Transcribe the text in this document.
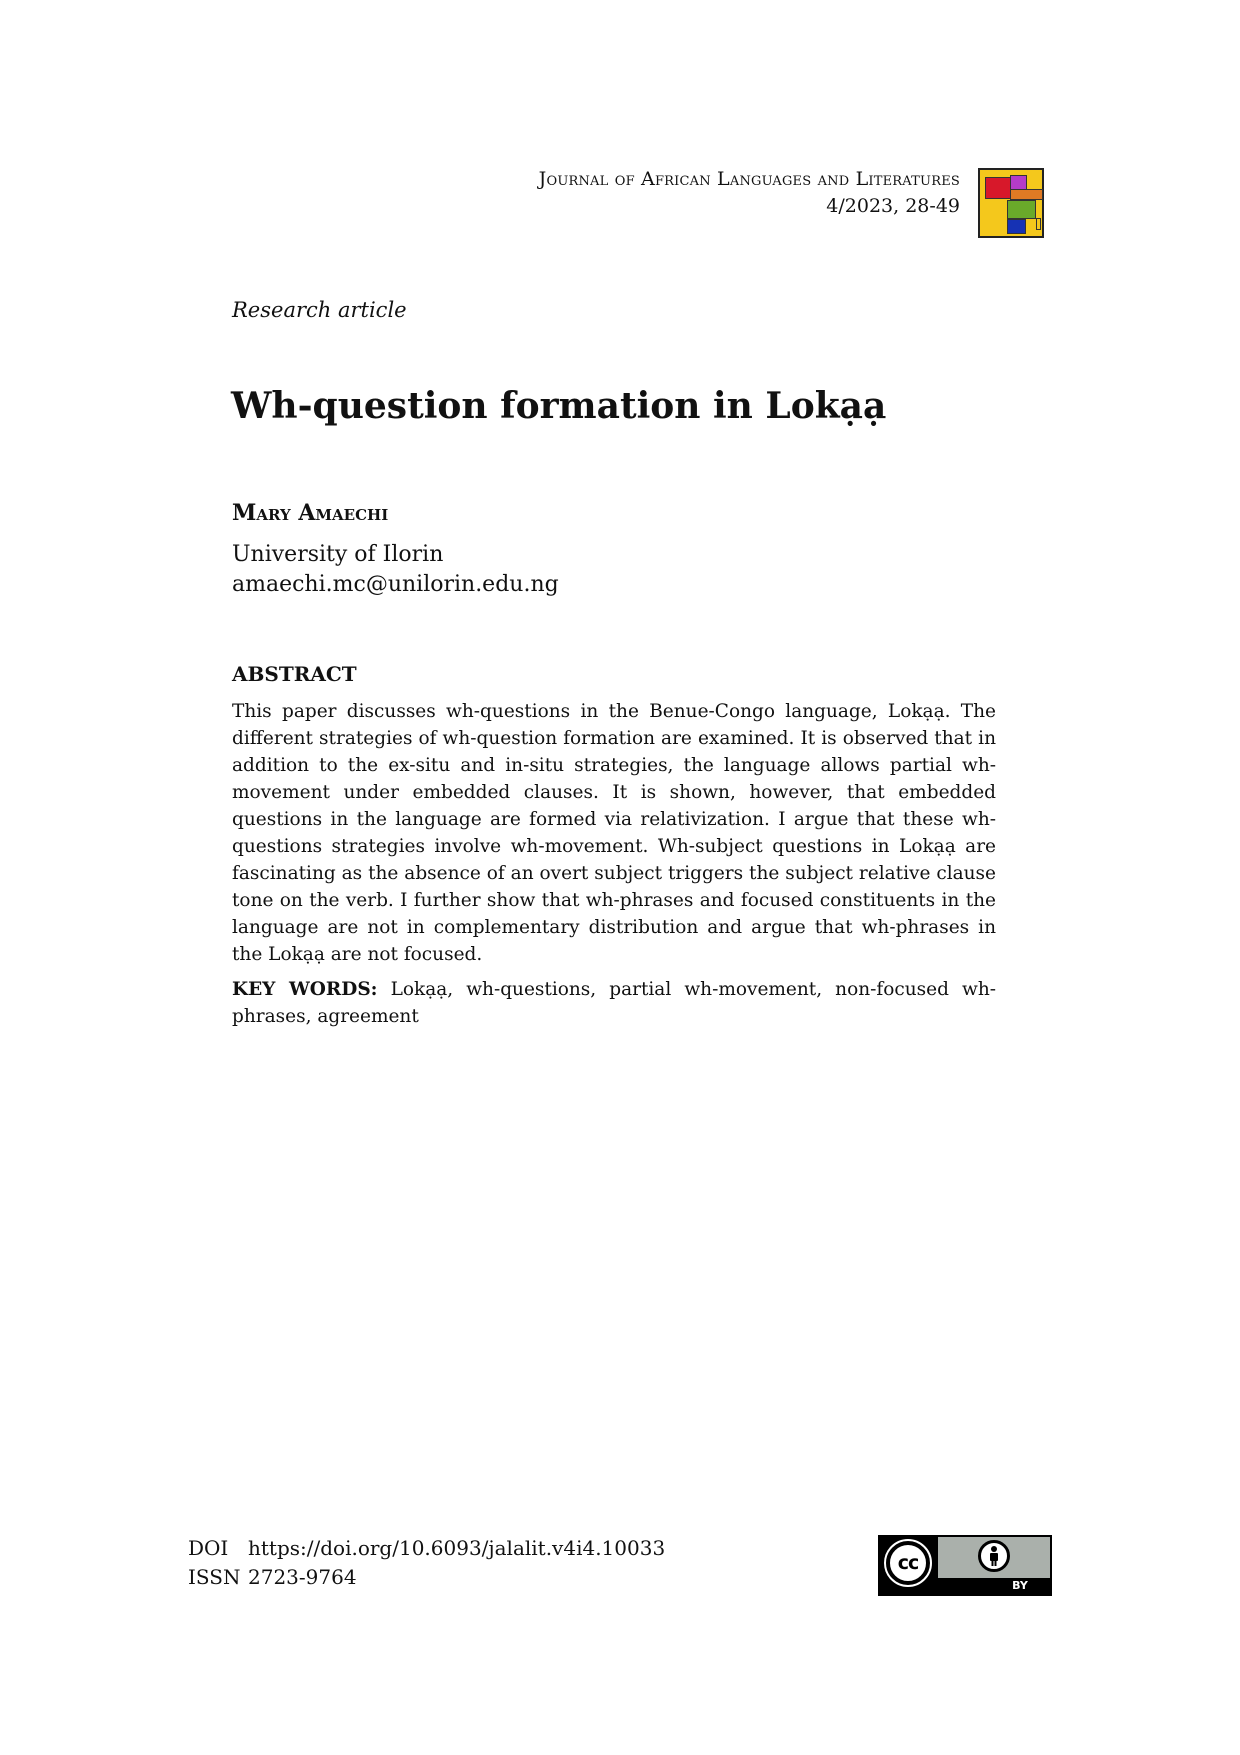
Journal of African Languages and Literatures
4/2023, 28-49
Research article
Wh-question formation in Lokạạ
Mary Amaechi
University of Ilorin
amaechi.mc@unilorin.edu.ng
ABSTRACT

This paper discusses wh-questions in the Benue-Congo language, Lokạạ. The different strategies of wh-question formation are examined. It is observed that in addition to the ex-situ and in-situ strategies, the language allows partial wh-movement under embedded clauses. It is shown, however, that embedded questions in the language are formed via relativization. I argue that these wh-questions strategies involve wh-movement. Wh-subject questions in Lokạạ are fascinating as the absence of an overt subject triggers the subject relative clause tone on the verb. I further show that wh-phrases and focused constituents in the language are not in complementary distribution and argue that wh-phrases in the Lokạạ are not focused.

KEY WORDS: Lokạạ, wh-questions, partial wh-movement, non-focused wh-phrases, agreement

DOI https://doi.org/10.6093/jalalit.v4i4.10033
ISSN 2723-9764
cc
BY
